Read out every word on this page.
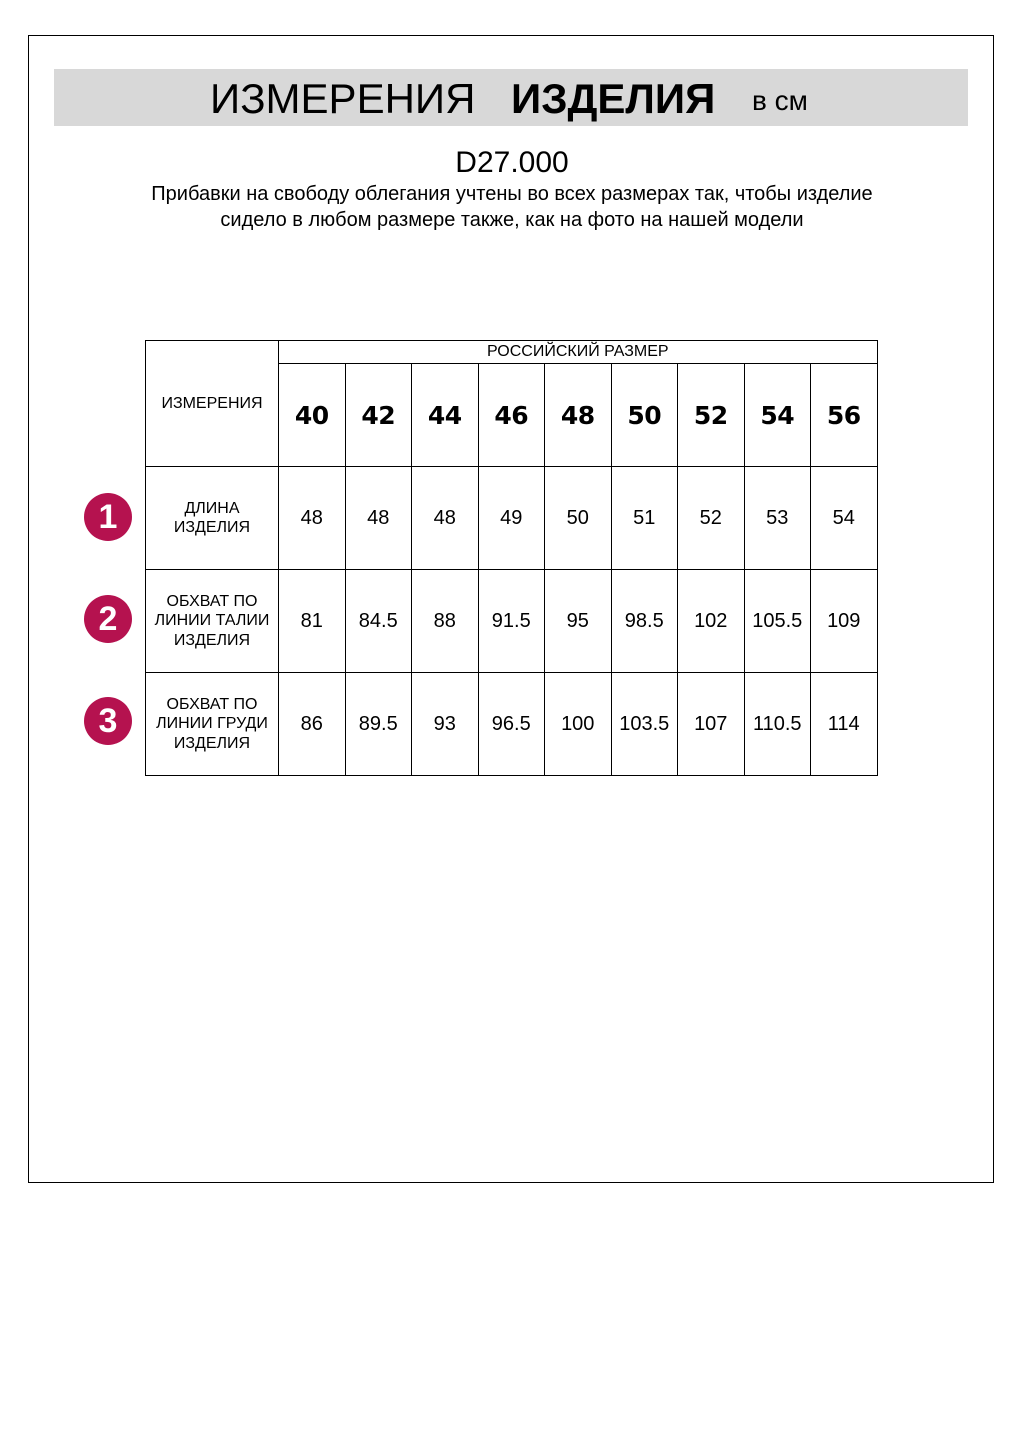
ИЗМЕРЕНИЯ ИЗДЕЛИЯ в см
D27.000
Прибавки на свободу облегания учтены во всех размерах так, чтобы изделие сидело в любом размере также, как на фото на нашей модели
ИЗМЕРЕНИЯ	РОССИЙСКИЙ РАЗМЕР								
	40	42	44	46	48	50	52	54	56

ДЛИНА
ИЗДЕЛИЯ	48	48	48	49	50	51	52	53	54

ОБХВАТ ПО
ЛИНИИ ТАЛИИ
ИЗДЕЛИЯ	81	84.5	88	91.5	95	98.5	102	105.5	109

ОБХВАТ ПО
ЛИНИИ ГРУДИ
ИЗДЕЛИЯ	86	89.5	93	96.5	100	103.5	107	110.5	114
1
2
3
